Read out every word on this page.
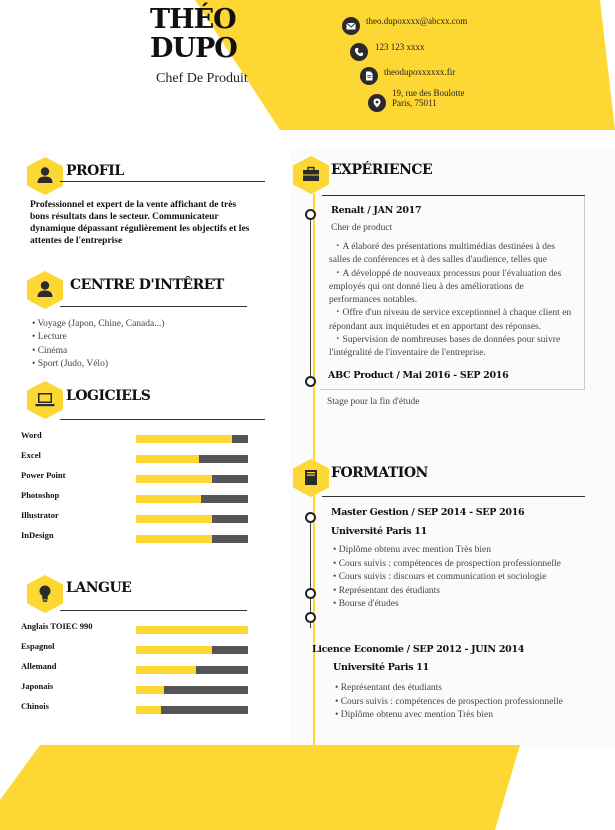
THÉO
DUPO
Chef De Produit
theo.dupoxxxx@abcxx.com
123 123 xxxx
theodupoxxxxxx.fir
19, rue des Boulotte
Paris, 75011
PROFIL
Professionnel et expert de la vente affichant de très bons résultats dans le secteur. Communicateur dynamique dépassant régulièrement les objectifs et les attentes de l'entreprise
CENTRE D'INTÊRET
• Voyage (Japon, Chine, Canada...)
• Lecture
• Cinéma
• Sport (Judo, Vélo)
LOGICIELS
Word
Excel
Power Point
Photoshop
Illustrator
InDesign
LANGUE
Anglais TOIEC 990
Espagnol
Allemand
Japonais
Chinois
EXPÉRIENCE
Renalt / JAN 2017
Cher de product
・ A élaboré des présentations multimédias destinées à des salles de conférences et à des salles d'audience, telles que
・ A développé de nouveaux processus pour l'évaluation des employés qui ont donné lieu à des améliorations de performances notables.
・ Offre d'un niveau de service exceptionnel à chaque client en répondant aux inquiétudes et en apportant des réponses.
・ Supervision de nombreuses bases de données pour suivre l'intégralité de l'inventaire de l'entreprise.
ABC Product / Mai 2016 - SEP 2016
Stage pour la fin d'étude
FORMATION
Master Gestion / SEP 2014 - SEP 2016
Université Paris 11
• Diplôme obtenu avec mention Très bien
• Cours suivis : compétences de prospection professionnelle
• Cours suivis : discours et communication et sociologie
• Représentant des étudiants
• Bourse d'études
Licence Economie / SEP 2012 - JUIN 2014
Université Paris 11
• Représentant des étudiants
• Cours suivis : compétences de prospection professionnelle
• Diplôme obtenu avec mention Très bien
